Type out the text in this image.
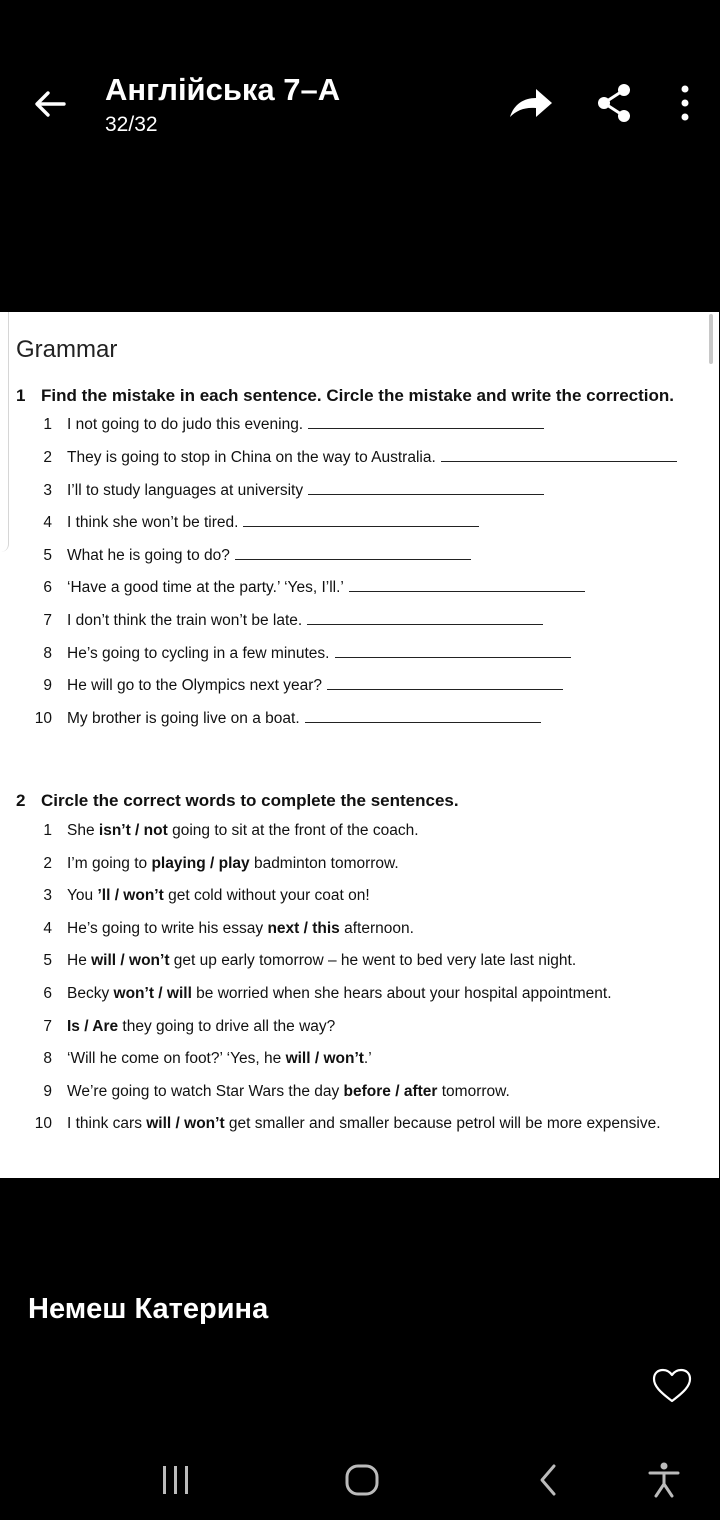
Англійська 7–А
32/32
Grammar
1 Find the mistake in each sentence. Circle the mistake and write the correction.
1 I not going to do judo this evening.
2 They is going to stop in China on the way to Australia.
3 I’ll to study languages at university
4 I think she won’t be tired.
5 What he is going to do?
6 ‘Have a good time at the party.’ ‘Yes, I’ll.’
7 I don’t think the train won’t be late.
8 He’s going to cycling in a few minutes.
9 He will go to the Olympics next year?
10 My brother is going live on a boat.
2 Circle the correct words to complete the sentences.
1 She isn’t / not going to sit at the front of the coach.
2 I’m going to playing / play badminton tomorrow.
3 You ’ll / won’t get cold without your coat on!
4 He’s going to write his essay next / this afternoon.
5 He will / won’t get up early tomorrow – he went to bed very late last night.
6 Becky won’t / will be worried when she hears about your hospital appointment.
7 Is / Are they going to drive all the way?
8 ‘Will he come on foot?’ ‘Yes, he will / won’t.’
9 We’re going to watch Star Wars the day before / after tomorrow.
10 I think cars will / won’t get smaller and smaller because petrol will be more expensive.
Немеш Катерина
